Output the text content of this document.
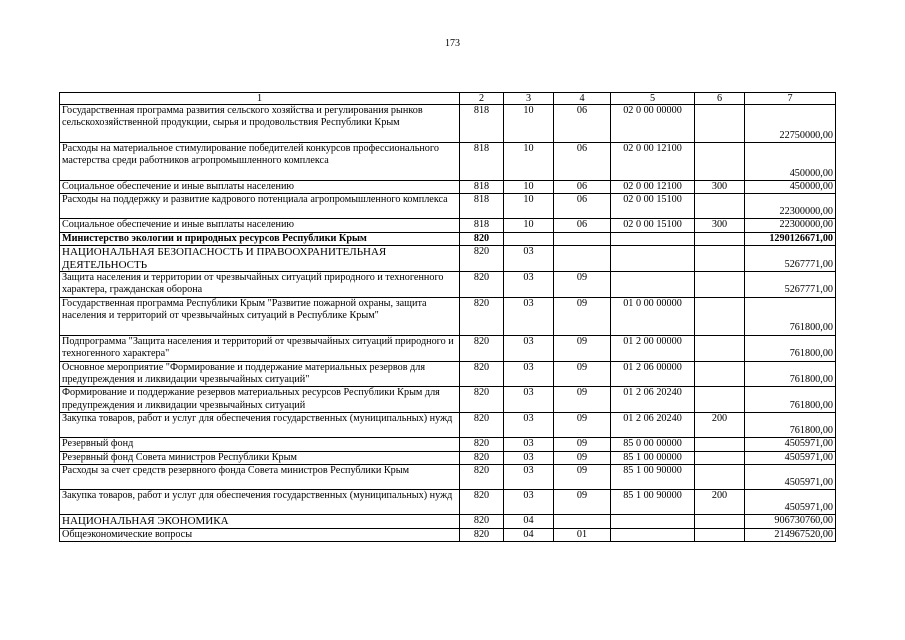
173
1	2	3	4	5	6	7
Государственная программа развития сельского хозяйства и регулирования рынков сельскохозяйственной продукции, сырья и продовольствия Республики Крым	818	10	06	02 0 00 00000		22750000,00
Расходы на материальное стимулирование победителей конкурсов профессионального мастерства среди работников агропромышленного комплекса	818	10	06	02 0 00 12100		450000,00
Социальное обеспечение и иные выплаты населению	818	10	06	02 0 00 12100	300	450000,00
Расходы на поддержку и развитие кадрового потенциала агропромышленного комплекса	818	10	06	02 0 00 15100		22300000,00
Социальное обеспечение и иные выплаты населению	818	10	06	02 0 00 15100	300	22300000,00
Министерство экологии и природных ресурсов Республики Крым	820					1290126671,00
НАЦИОНАЛЬНАЯ БЕЗОПАСНОСТЬ И ПРАВООХРАНИТЕЛЬНАЯ ДЕЯТЕЛЬНОСТЬ	820	03				5267771,00
Защита населения и территории от чрезвычайных ситуаций природного и техногенного характера, гражданская оборона	820	03	09			5267771,00
Государственная программа Республики Крым "Развитие пожарной охраны, защита населения и территорий от чрезвычайных ситуаций в Республике Крым"	820	03	09	01 0 00 00000		761800,00
Подпрограмма "Защита населения и территорий от чрезвычайных ситуаций природного и техногенного характера"	820	03	09	01 2 00 00000		761800,00
Основное мероприятие "Формирование и поддержание материальных резервов для предупреждения и ликвидации чрезвычайных ситуаций"	820	03	09	01 2 06 00000		761800,00
Формирование и поддержание резервов материальных ресурсов Республики Крым для предупреждения и ликвидации чрезвычайных ситуаций	820	03	09	01 2 06 20240		761800,00
Закупка товаров, работ и услуг для обеспечения государственных (муниципальных) нужд	820	03	09	01 2 06 20240	200	761800,00
Резервный фонд	820	03	09	85 0 00 00000		4505971,00
Резервный фонд Совета министров Республики Крым	820	03	09	85 1 00 00000		4505971,00
Расходы за счет средств резервного фонда Совета министров Республики Крым	820	03	09	85 1 00 90000		4505971,00
Закупка товаров, работ и услуг для обеспечения государственных (муниципальных) нужд	820	03	09	85 1 00 90000	200	4505971,00
НАЦИОНАЛЬНАЯ ЭКОНОМИКА	820	04				906730760,00
Общеэкономические вопросы	820	04	01			214967520,00
